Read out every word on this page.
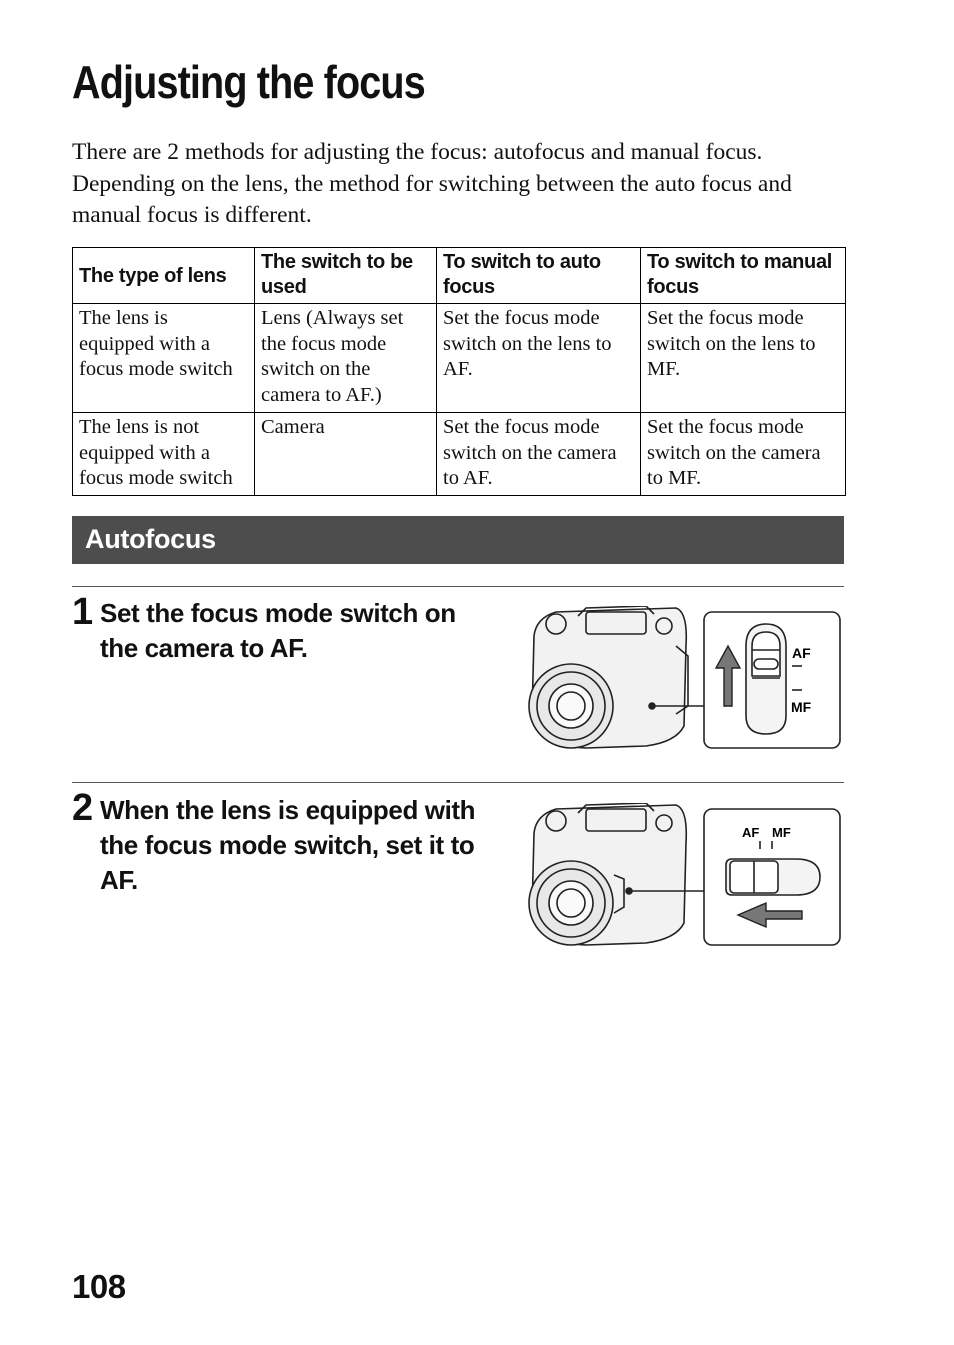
Adjusting the focus

There are 2 methods for adjusting the focus: autofocus and manual focus. Depending on the lens, the method for switching between the auto focus and manual focus is different.

The type of lens	The switch to be used	To switch to auto focus	To switch to manual focus
The lens is equipped with a focus mode switch	Lens (Always set the focus mode switch on the camera to AF.)	Set the focus mode switch on the lens to AF.	Set the focus mode switch on the lens to MF.
The lens is not equipped with a focus mode switch	Camera	Set the focus mode switch on the camera to AF.	Set the focus mode switch on the camera to MF.
Autofocus
1 Set the focus mode switch on the camera to AF.	AF
MF
2 When the lens is equipped with the focus mode switch, set it to AF.

AF MF
108
